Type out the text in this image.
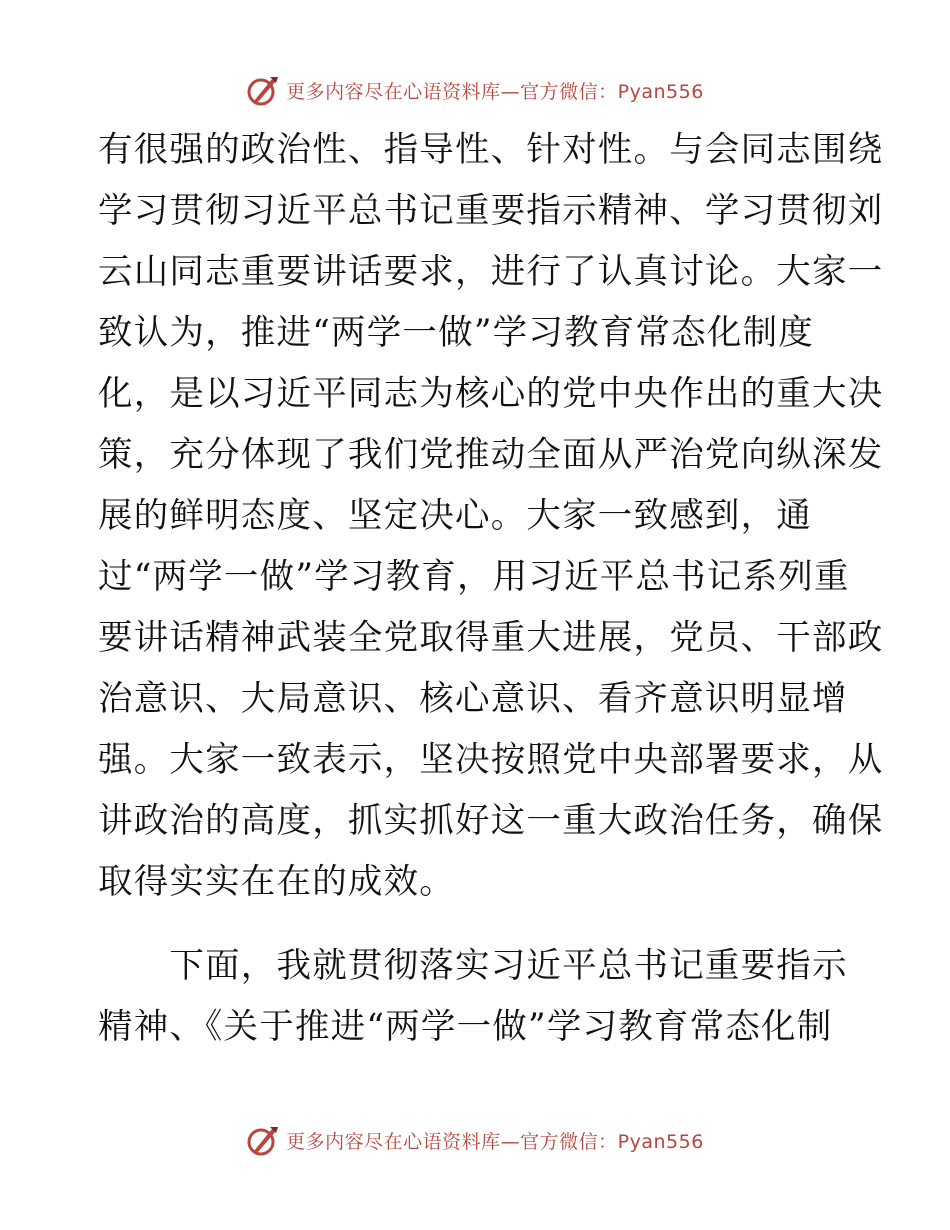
更多内容尽在心语资料库—官方微信：Pyan556
有很强的政治性、指导性、针对性。与会同志围绕
学习贯彻习近平总书记重要指示精神、学习贯彻刘
云山同志重要讲话要求，进行了认真讨论。大家一
致认为，推进“两学一做”学习教育常态化制度
化，是以习近平同志为核心的党中央作出的重大决
策，充分体现了我们党推动全面从严治党向纵深发
展的鲜明态度、坚定决心。大家一致感到，通
过“两学一做”学习教育，用习近平总书记系列重
要讲话精神武装全党取得重大进展，党员、干部政
治意识、大局意识、核心意识、看齐意识明显增
强。大家一致表示，坚决按照党中央部署要求，从
讲政治的高度，抓实抓好这一重大政治任务，确保
取得实实在在的成效。
　　下面，我就贯彻落实习近平总书记重要指示
精神、《关于推进“两学一做”学习教育常态化制
更多内容尽在心语资料库—官方微信：Pyan556
